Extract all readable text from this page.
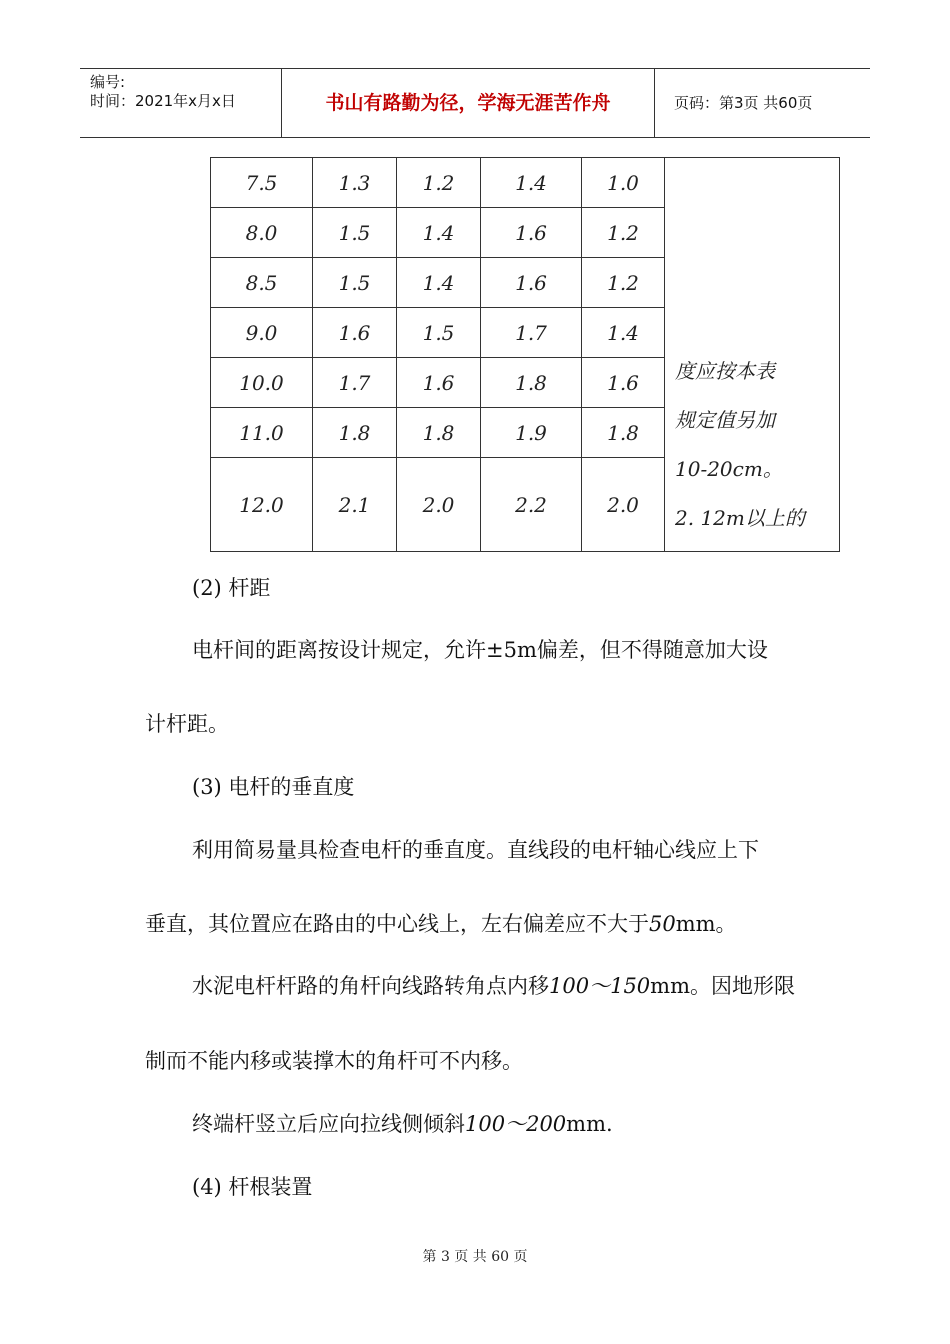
编号:
时间：2021年x月x日	书山有路勤为径，学海无涯苦作舟	页码：第3页 共60页
7.5	1.3	1.2	1.4	1.0	度应按本表
规定值另加
10-20cm。
2. 12m以上的

8.0	1.5	1.4	1.6	1.2	
8.5	1.5	1.4	1.6	1.2	
9.0	1.6	1.5	1.7	1.4	
10.0	1.7	1.6	1.8	1.6	
11.0	1.8	1.8	1.9	1.8	
12.0	2.1	2.0	2.2	2.0	
(2) 杆距
电杆间的距离按设计规定，允许±5m偏差，但不得随意加大设
计杆距。
(3) 电杆的垂直度
利用简易量具检查电杆的垂直度。直线段的电杆轴心线应上下
垂直，其位置应在路由的中心线上，左右偏差应不大于50mm。
水泥电杆杆路的角杆向线路转角点内移100～150mm。因地形限
制而不能内移或装撑木的角杆可不内移。
终端杆竖立后应向拉线侧倾斜100～200mm.
(4) 杆根装置
第 3 页 共 60 页
